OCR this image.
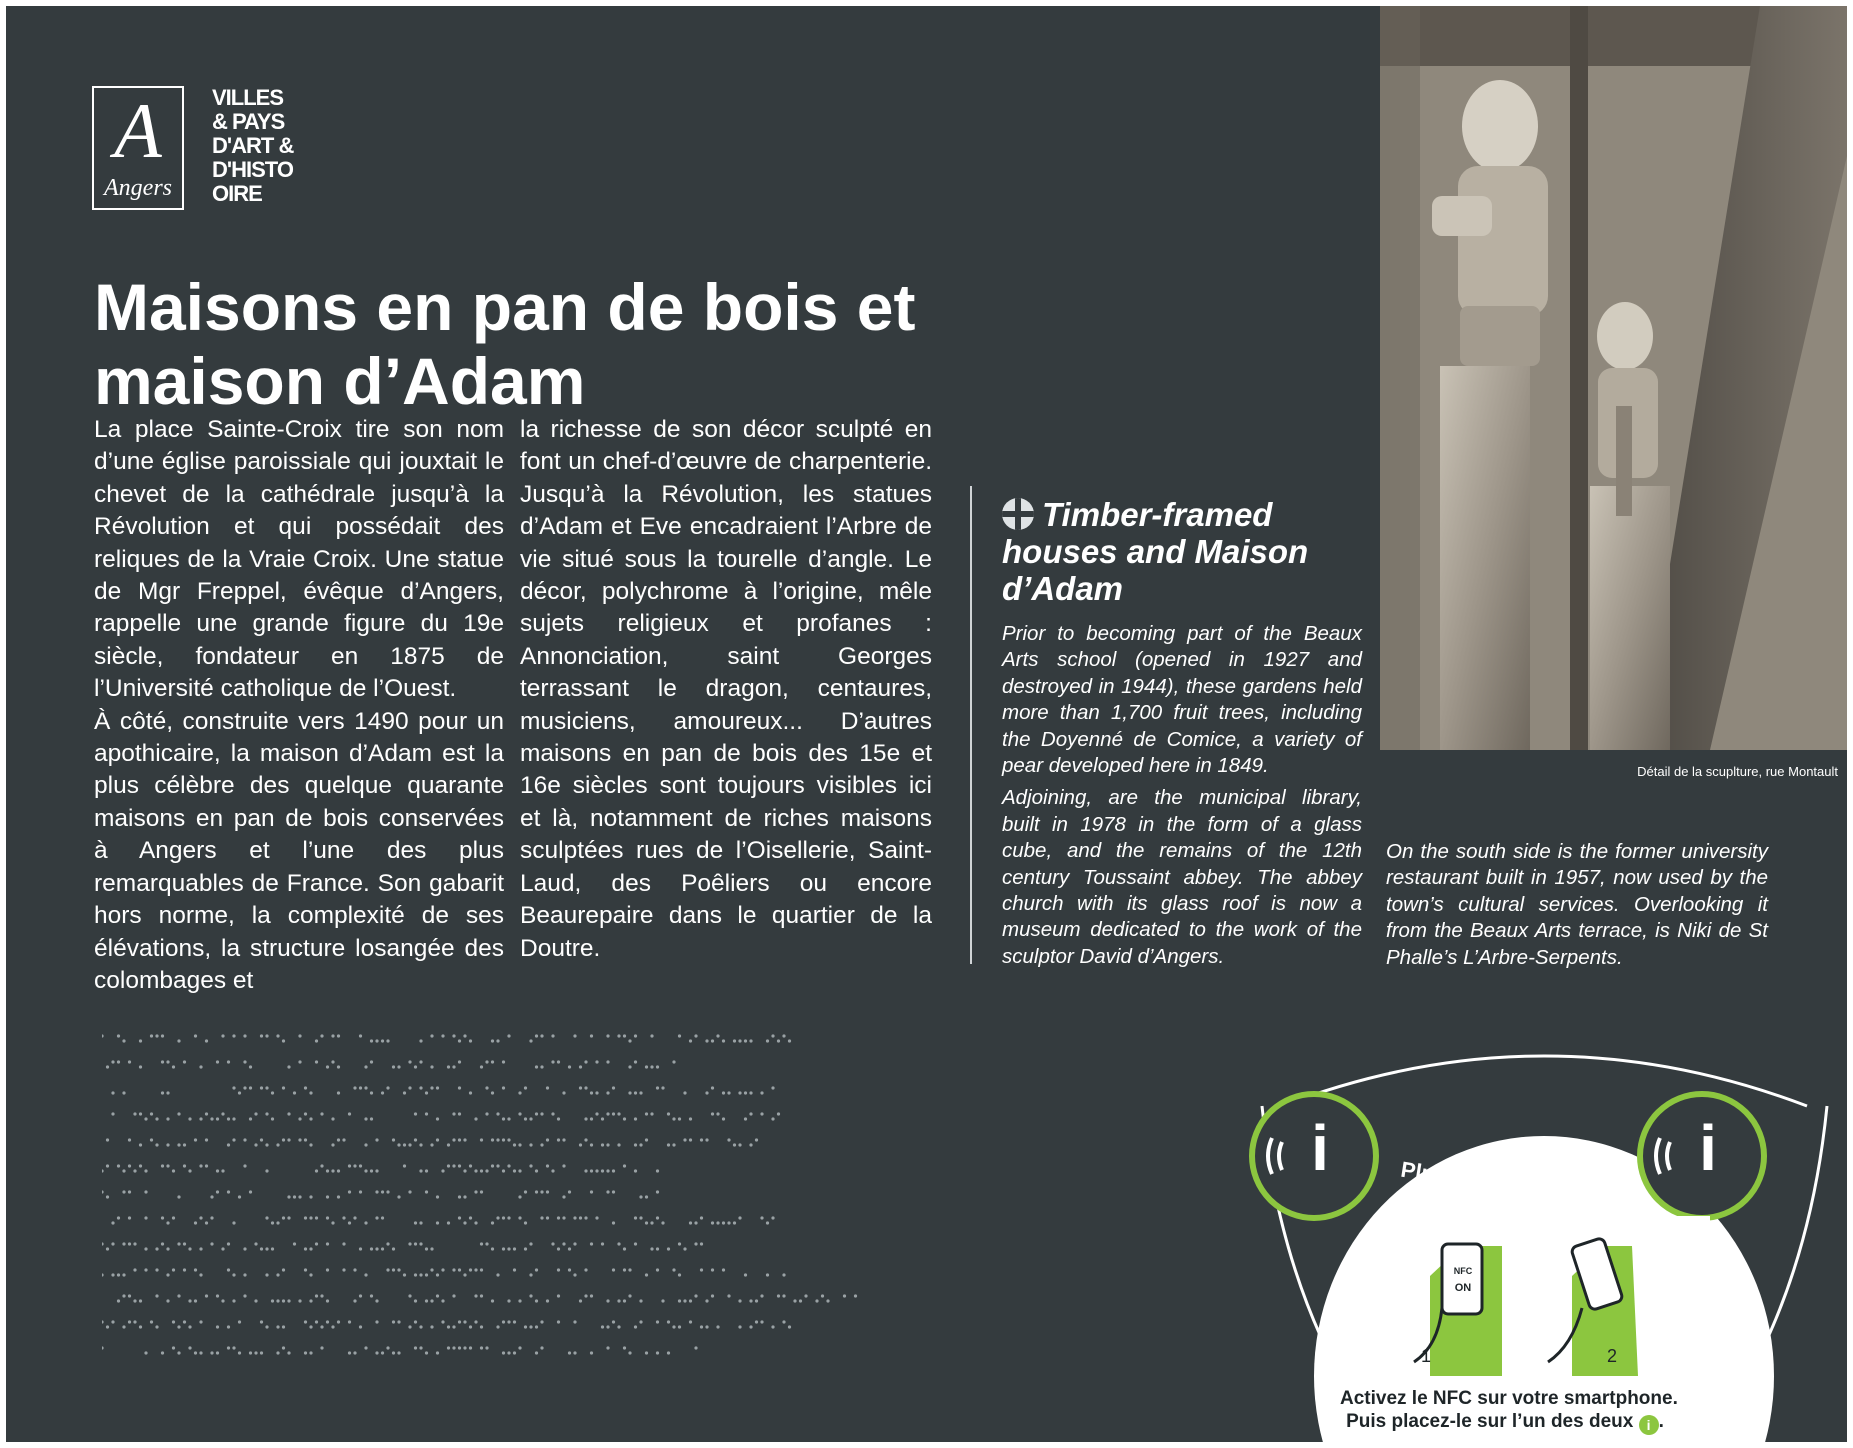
A
Angers
VILLES
& PAYS
D'ART &
D'HISTO
OIRE
Maisons en pan de bois et maison d’Adam

La place Sainte-Croix tire son nom d’une église paroissiale qui jouxtait le chevet de la cathédrale jusqu’à la Révolution et qui possédait des reliques de la Vraie Croix. Une statue de Mgr Freppel, évêque d’Angers, rappelle une grande figure du 19e siècle, fondateur en 1875 de l’Université catholique de l’Ouest.

À côté, construite vers 1490 pour un apothicaire, la maison d’Adam est la plus célèbre des quelque quarante maisons en pan de bois conservées à Angers et l’une des plus remarquables de France. Son gabarit hors norme, la complexité de ses élévations, la structure losangée des colombages et

la richesse de son décor sculpté en font un chef-d’œuvre de charpenterie. Jusqu’à la Révolution, les statues d’Adam et Eve encadraient l’Arbre de vie situé sous la tourelle d’angle. Le décor, polychrome à l’origine, mêle sujets religieux et profanes : Annonciation, saint Georges terrassant le dragon, centaures, musiciens, amoureux... D’autres maisons en pan de bois des 15e et 16e siècles sont toujours visibles ici et là, notamment de riches maisons sculptées rues de l’Oisellerie, Saint-Laud, des Poêliers ou encore Beaurepaire dans le quartier de la Doutre.

Timber-framed houses and Maison d’Adam

Prior to becoming part of the Beaux Arts school (opened in 1927 and destroyed in 1944), these gardens held more than 1,700 fruit trees, including the Doyenné de Comice, a variety of pear developed here in 1849.

Adjoining, are the municipal library, built in 1978 in the form of a glass cube, and the remains of the 12th century Toussaint abbey. The abbey church with its glass roof is now a museum dedicated to the work of the sculptor David d’Angers.

On the south side is the former university restaurant built in 1957, now used by the town’s cultural services. Overlooking it from the Beaux Arts terrace, is Niki de St Phalle’s L’Arbre-Serpents.

Détail de la scuplture, rue Montault
i	i
Plus d’informations ?
NFC
ON
1	2
Activez le NFC sur votre smartphone.
Puis placez-le sur l’un des deux i .
